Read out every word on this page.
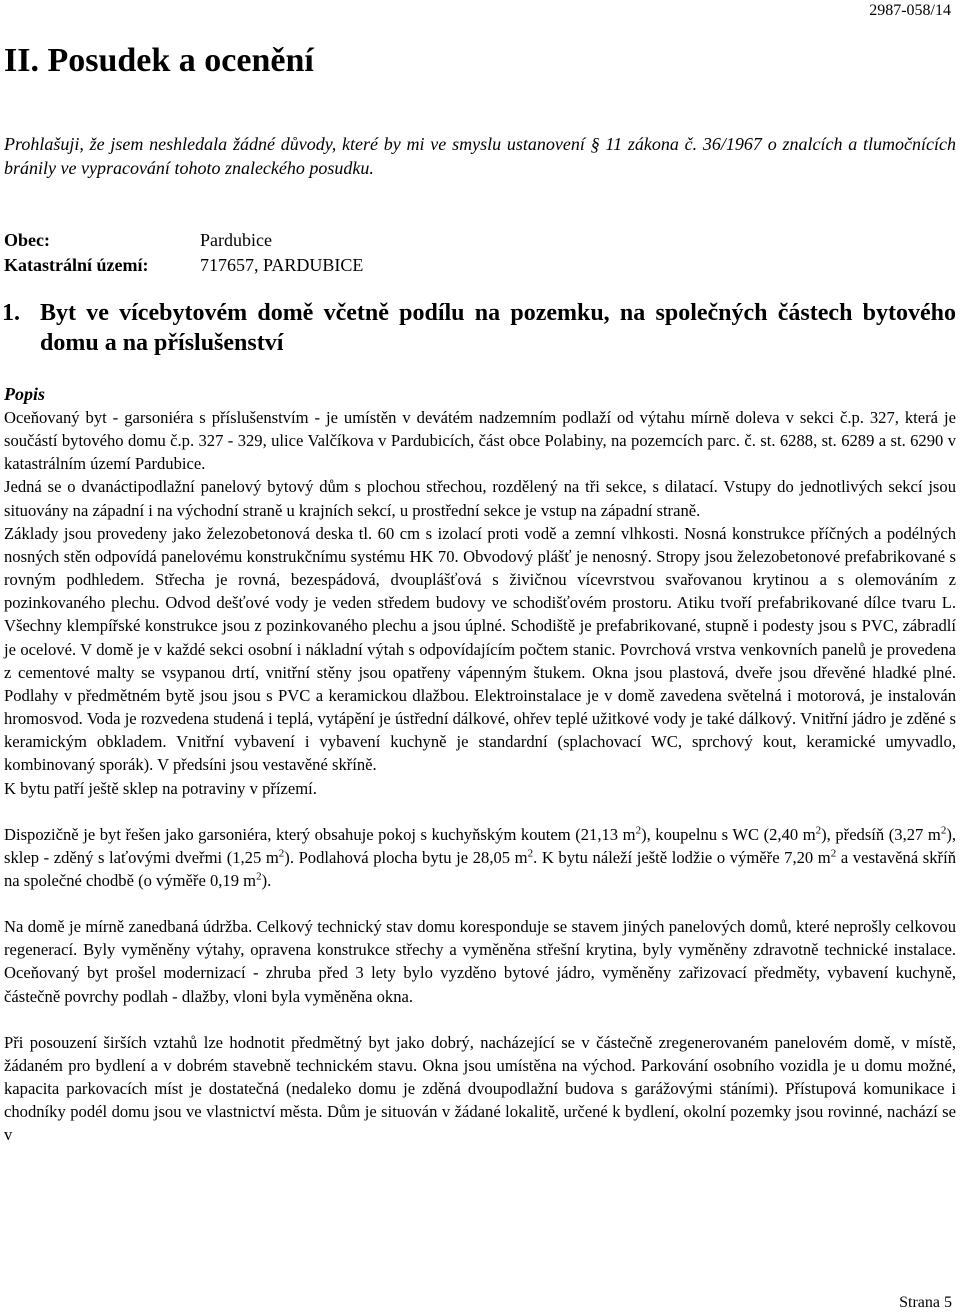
2987-058/14
II. Posudek a ocenění

Prohlašuji, že jsem neshledala žádné důvody, které by mi ve smyslu ustanovení § 11 zákona č. 36/1967 o znalcích a tlumočnících bránily ve vypracování tohoto znaleckého posudku.

Obec:	Pardubice
Katastrální území:	717657, PARDUBICE
1. Byt ve vícebytovém domě včetně podílu na pozemku, na společných částech bytového domu a na příslušenství

Popis

Oceňovaný byt - garsoniéra s příslušenstvím - je umístěn v devátém nadzemním podlaží od výtahu mírně doleva v sekci č.p. 327, která je součástí bytového domu č.p. 327 - 329, ulice Valčíkova v Pardubicích, část obce Polabiny, na pozemcích parc. č. st. 6288, st. 6289 a st. 6290 v katastrálním území Pardubice.

Jedná se o dvanáctipodlažní panelový bytový dům s plochou střechou, rozdělený na tři sekce, s dilatací. Vstupy do jednotlivých sekcí jsou situovány na západní i na východní straně u krajních sekcí, u prostřední sekce je vstup na západní straně.

Základy jsou provedeny jako železobetonová deska tl. 60 cm s izolací proti vodě a zemní vlhkosti. Nosná konstrukce příčných a podélných nosných stěn odpovídá panelovému konstrukčnímu systému HK 70. Obvodový plášť je nenosný. Stropy jsou železobetonové prefabrikované s rovným podhledem. Střecha je rovná, bezespádová, dvouplášťová s živičnou vícevrstvou svařovanou krytinou a s olemováním z pozinkovaného plechu. Odvod dešťové vody je veden středem budovy ve schodišťovém prostoru. Atiku tvoří prefabrikované dílce tvaru L. Všechny klempířské konstrukce jsou z pozinkovaného plechu a jsou úplné. Schodiště je prefabrikované, stupně i podesty jsou s PVC, zábradlí je ocelové. V domě je v každé sekci osobní i nákladní výtah s odpovídajícím počtem stanic. Povrchová vrstva venkovních panelů je provedena z cementové malty se vsypanou drtí, vnitřní stěny jsou opatřeny vápenným štukem. Okna jsou plastová, dveře jsou dřevěné hladké plné. Podlahy v předmětném bytě jsou jsou s PVC a keramickou dlažbou. Elektroinstalace je v domě zavedena světelná i motorová, je instalován hromosvod. Voda je rozvedena studená i teplá, vytápění je ústřední dálkové, ohřev teplé užitkové vody je také dálkový. Vnitřní jádro je zděné s keramickým obkladem. Vnitřní vybavení i vybavení kuchyně je standardní (splachovací WC, sprchový kout, keramické umyvadlo, kombinovaný sporák). V předsíni jsou vestavěné skříně.

K bytu patří ještě sklep na potraviny v přízemí.

Dispozičně je byt řešen jako garsoniéra, který obsahuje pokoj s kuchyňským koutem (21,13 $m^2$), koupelnu s WC (2,40 $m^2$), předsíň (3,27 $m^2$), sklep - zděný s laťovými dveřmi (1,25 $m^2$). Podlahová plocha bytu je 28,05 $m^2$. K bytu náleží ještě lodžie o výměře 7,20 $m^2$ a vestavěná skříň na společné chodbě (o výměře 0,19 $m^2$).

Na domě je mírně zanedbaná údržba. Celkový technický stav domu koresponduje se stavem jiných panelových domů, které neprošly celkovou regenerací. Byly vyměněny výtahy, opravena konstrukce střechy a vyměněna střešní krytina, byly vyměněny zdravotně technické instalace. Oceňovaný byt prošel modernizací - zhruba před 3 lety bylo vyzděno bytové jádro, vyměněny zařizovací předměty, vybavení kuchyně, částečně povrchy podlah - dlažby, vloni byla vyměněna okna.

Při posouzení širších vztahů lze hodnotit předmětný byt jako dobrý, nacházející se v částečně zregenerovaném panelovém domě, v místě, žádaném pro bydlení a v dobrém stavebně technickém stavu. Okna jsou umístěna na východ. Parkování osobního vozidla je u domu možné, kapacita parkovacích míst je dostatečná (nedaleko domu je zděná dvoupodlažní budova s garážovými stáními). Přístupová komunikace i chodníky podél domu jsou ve vlastnictví města. Dům je situován v žádané lokalitě, určené k bydlení, okolní pozemky jsou rovinné, nachází se v

Strana 5
